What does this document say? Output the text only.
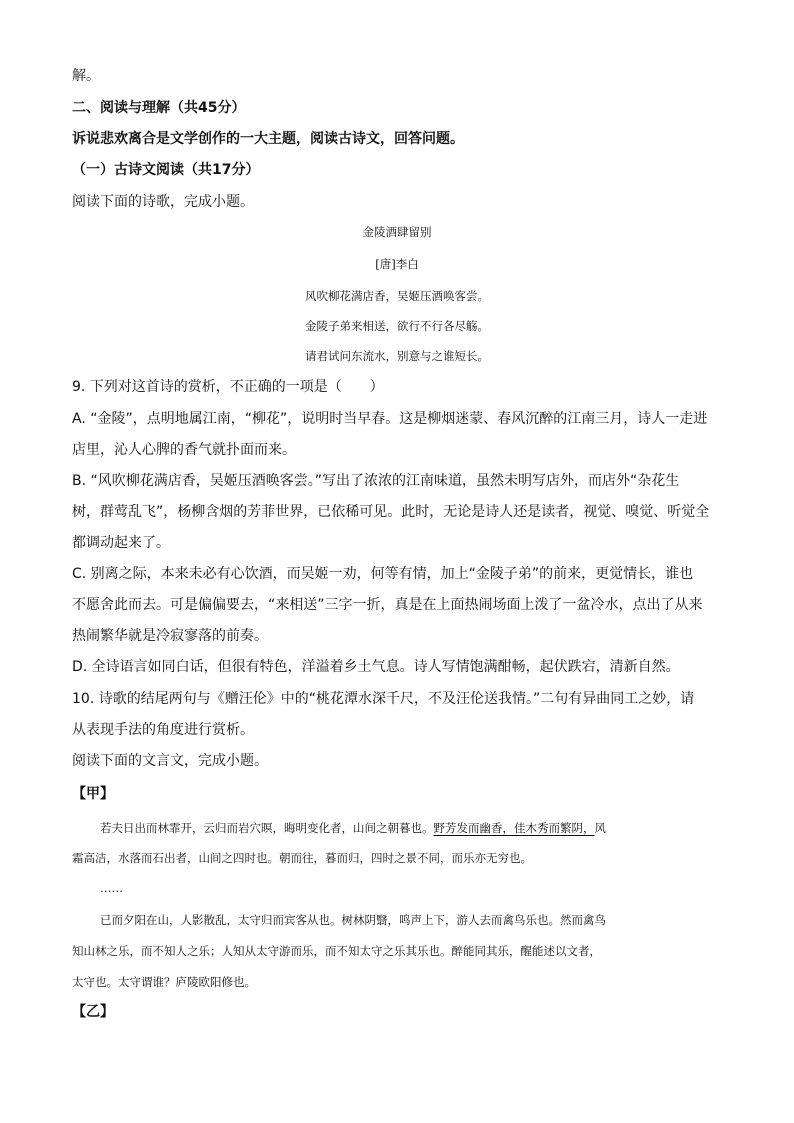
解。
二、阅读与理解（共45分）
诉说悲欢离合是文学创作的一大主题，阅读古诗文，回答问题。
（一）古诗文阅读（共17分）
阅读下面的诗歌，完成小题。
金陵酒肆留别
[唐]李白
风吹柳花满店香，吴姬压酒唤客尝。
金陵子弟来相送，欲行不行各尽觞。
请君试问东流水，别意与之谁短长。
9. 下列对这首诗的赏析，不正确的一项是（　　）
A. “金陵”，点明地属江南，“柳花”，说明时当早春。这是柳烟迷蒙、春风沉醉的江南三月，诗人一走进
店里，沁人心脾的香气就扑面而来。
B. “风吹柳花满店香，吴姬压酒唤客尝。”写出了浓浓的江南味道，虽然未明写店外，而店外“杂花生
树，群莺乱飞”，杨柳含烟的芳菲世界，已依稀可见。此时，无论是诗人还是读者，视觉、嗅觉、听觉全
都调动起来了。
C. 别离之际，本来未必有心饮酒，而吴姬一劝，何等有情，加上“金陵子弟”的前来，更觉情长，谁也
不愿舍此而去。可是偏偏要去，“来相送”三字一折，真是在上面热闹场面上泼了一盆冷水，点出了从来
热闹繁华就是冷寂寥落的前奏。
D. 全诗语言如同白话，但很有特色，洋溢着乡土气息。诗人写情饱满酣畅，起伏跌宕，清新自然。
10. 诗歌的结尾两句与《赠汪伦》中的“桃花潭水深千尺，不及汪伦送我情。”二句有异曲同工之妙，请
从表现手法的角度进行赏析。
阅读下面的文言文，完成小题。
【甲】
若夫日出而林霏开，云归而岩穴暝，晦明变化者，山间之朝暮也。野芳发而幽香，佳木秀而繁阴，风
霜高洁，水落而石出者，山间之四时也。朝而往，暮而归，四时之景不同，而乐亦无穷也。
……
已而夕阳在山，人影散乱，太守归而宾客从也。树林阴翳，鸣声上下，游人去而禽鸟乐也。然而禽鸟
知山林之乐，而不知人之乐；人知从太守游而乐，而不知太守之乐其乐也。醉能同其乐，醒能述以文者，
太守也。太守谓谁？庐陵欧阳修也。
【乙】
